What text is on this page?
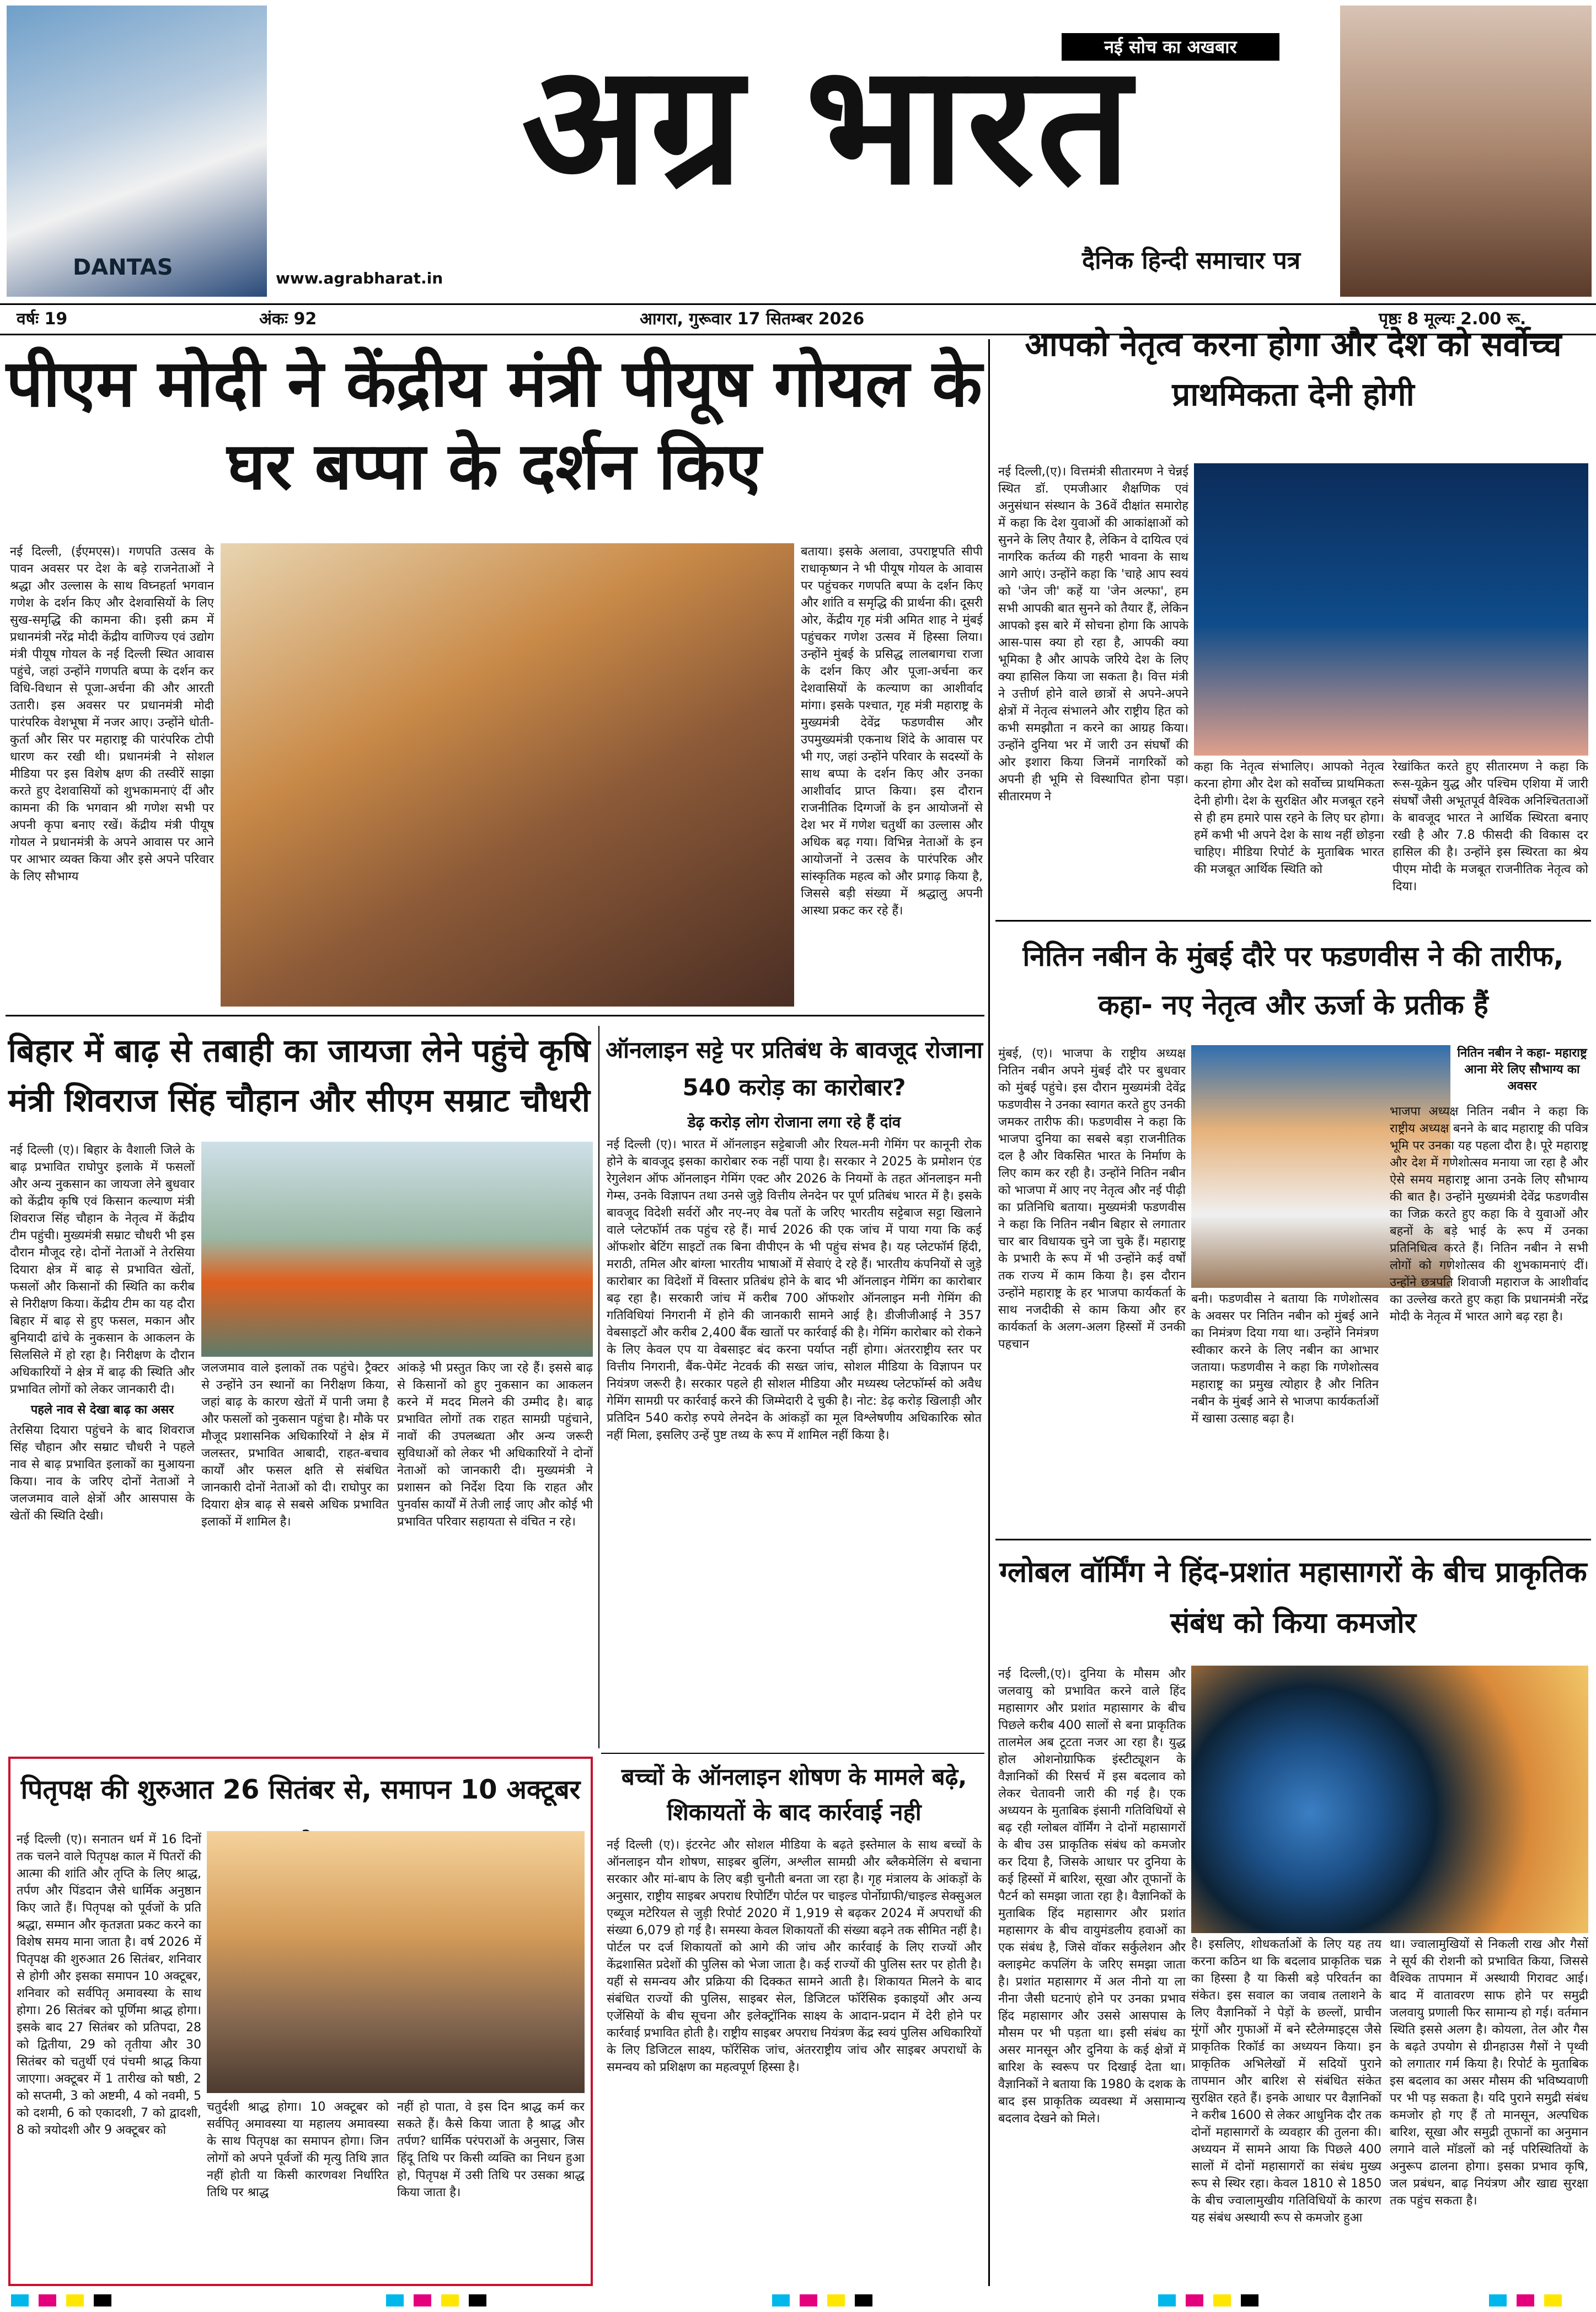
DANTAS
नई सोच का अखबार
अग्र भारत
www.agrabharat.in
दैनिक हिन्दी समाचार पत्र
वर्षः 19	अंकः 92	आगरा, गुरूवार 17 सितम्बर 2026	पृष्ठः 8 मूल्यः 2.00 रू.
पीएम मोदी ने केंद्रीय मंत्री पीयूष गोयल के घर बप्पा के दर्शन किए
नई दिल्ली, (ईएमएस)। गणपति उत्सव के पावन अवसर पर देश के बड़े राजनेताओं ने श्रद्धा और उल्लास के साथ विघ्नहर्ता भगवान गणेश के दर्शन किए और देशवासियों के लिए सुख-समृद्धि की कामना की। इसी क्रम में प्रधानमंत्री नरेंद्र मोदी केंद्रीय वाणिज्य एवं उद्योग मंत्री पीयूष गोयल के नई दिल्ली स्थित आवास पहुंचे, जहां उन्होंने गणपति बप्पा के दर्शन कर विधि-विधान से पूजा-अर्चना की और आरती उतारी। इस अवसर पर प्रधानमंत्री मोदी पारंपरिक वेशभूषा में नजर आए। उन्होंने धोती-कुर्ता और सिर पर महाराष्ट्र की पारंपरिक टोपी धारण कर रखी थी। प्रधानमंत्री ने सोशल मीडिया पर इस विशेष क्षण की तस्वीरें साझा करते हुए देशवासियों को शुभकामनाएं दीं और कामना की कि भगवान श्री गणेश सभी पर अपनी कृपा बनाए रखें। केंद्रीय मंत्री पीयूष गोयल ने प्रधानमंत्री के अपने आवास पर आने पर आभार व्यक्त किया और इसे अपने परिवार के लिए सौभाग्य
बताया। इसके अलावा, उपराष्ट्रपति सीपी राधाकृष्णन ने भी पीयूष गोयल के आवास पर पहुंचकर गणपति बप्पा के दर्शन किए और शांति व समृद्धि की प्रार्थना की। दूसरी ओर, केंद्रीय गृह मंत्री अमित शाह ने मुंबई पहुंचकर गणेश उत्सव में हिस्सा लिया। उन्होंने मुंबई के प्रसिद्ध लालबागचा राजा के दर्शन किए और पूजा-अर्चना कर देशवासियों के कल्याण का आशीर्वाद मांगा। इसके पश्चात, गृह मंत्री महाराष्ट्र के मुख्यमंत्री देवेंद्र फडणवीस और उपमुख्यमंत्री एकनाथ शिंदे के आवास पर भी गए, जहां उन्होंने परिवार के सदस्यों के साथ बप्पा के दर्शन किए और उनका आशीर्वाद प्राप्त किया। इस दौरान राजनीतिक दिग्गजों के इन आयोजनों से देश भर में गणेश चतुर्थी का उल्लास और अधिक बढ़ गया। विभिन्न नेताओं के इन आयोजनों ने उत्सव के पारंपरिक और सांस्कृतिक महत्व को और प्रगाढ़ किया है, जिससे बड़ी संख्या में श्रद्धालु अपनी आस्था प्रकट कर रहे हैं।
बिहार में बाढ़ से तबाही का जायजा लेने पहुंचे कृषि मंत्री शिवराज सिंह चौहान और सीएम सम्राट चौधरी
नई दिल्ली (ए)। बिहार के वैशाली जिले के बाढ़ प्रभावित राघोपुर इलाके में फसलों और अन्य नुकसान का जायजा लेने बुधवार को केंद्रीय कृषि एवं किसान कल्याण मंत्री शिवराज सिंह चौहान के नेतृत्व में केंद्रीय टीम पहुंची। मुख्यमंत्री सम्राट चौधरी भी इस दौरान मौजूद रहे। दोनों नेताओं ने तेरसिया दियारा क्षेत्र में बाढ़ से प्रभावित खेतों, फसलों और किसानों की स्थिति का करीब से निरीक्षण किया। केंद्रीय टीम का यह दौरा बिहार में बाढ़ से हुए फसल, मकान और बुनियादी ढांचे के नुकसान के आकलन के सिलसिले में हो रहा है। निरीक्षण के दौरान अधिकारियों ने क्षेत्र में बाढ़ की स्थिति और प्रभावित लोगों को लेकर जानकारी दी।
पहले नाव से देखा बाढ़ का असर
तेरसिया दियारा पहुंचने के बाद शिवराज सिंह चौहान और सम्राट चौधरी ने पहले नाव से बाढ़ प्रभावित इलाकों का मुआयना किया। नाव के जरिए दोनों नेताओं ने जलजमाव वाले क्षेत्रों और आसपास के खेतों की स्थिति देखी।
जलजमाव वाले इलाकों तक पहुंचे। ट्रैक्टर से उन्होंने उन स्थानों का निरीक्षण किया, जहां बाढ़ के कारण खेतों में पानी जमा है और फसलों को नुकसान पहुंचा है। मौके पर मौजूद प्रशासनिक अधिकारियों ने क्षेत्र में जलस्तर, प्रभावित आबादी, राहत-बचाव कार्यों और फसल क्षति से संबंधित जानकारी दोनों नेताओं को दी। राघोपुर का दियारा क्षेत्र बाढ़ से सबसे अधिक प्रभावित इलाकों में शामिल है।
आंकड़े भी प्रस्तुत किए जा रहे हैं। इससे बाढ़ से किसानों को हुए नुकसान का आकलन करने में मदद मिलने की उम्मीद है। बाढ़ प्रभावित लोगों तक राहत सामग्री पहुंचाने, नावों की उपलब्धता और अन्य जरूरी सुविधाओं को लेकर भी अधिकारियों ने दोनों नेताओं को जानकारी दी। मुख्यमंत्री ने प्रशासन को निर्देश दिया कि राहत और पुनर्वास कार्यों में तेजी लाई जाए और कोई भी प्रभावित परिवार सहायता से वंचित न रहे।
ऑनलाइन सट्टे पर प्रतिबंध के बावजूद रोजाना 540 करोड़ का कारोबार?
डेढ़ करोड़ लोग रोजाना लगा रहे हैं दांव
नई दिल्ली (ए)। भारत में ऑनलाइन सट्टेबाजी और रियल-मनी गेमिंग पर कानूनी रोक होने के बावजूद इसका कारोबार रुक नहीं पाया है। सरकार ने 2025 के प्रमोशन एंड रेगुलेशन ऑफ ऑनलाइन गेमिंग एक्ट और 2026 के नियमों के तहत ऑनलाइन मनी गेम्स, उनके विज्ञापन तथा उनसे जुड़े वित्तीय लेनदेन पर पूर्ण प्रतिबंध भारत में है। इसके बावजूद विदेशी सर्वरों और नए-नए वेब पतों के जरिए भारतीय सट्टेबाज सट्टा खिलाने वाले प्लेटफॉर्म तक पहुंच रहे हैं। मार्च 2026 की एक जांच में पाया गया कि कई ऑफशोर बेटिंग साइटों तक बिना वीपीएन के भी पहुंच संभव है। यह प्लेटफॉर्म हिंदी, मराठी, तमिल और बांग्ला भारतीय भाषाओं में सेवाएं दे रहे हैं। भारतीय कंपनियों से जुड़े कारोबार का विदेशों में विस्तार प्रतिबंध होने के बाद भी ऑनलाइन गेमिंग का कारोबार बढ़ रहा है। सरकारी जांच में करीब 700 ऑफशोर ऑनलाइन मनी गेमिंग की गतिविधियां निगरानी में होने की जानकारी सामने आई है। डीजीजीआई ने 357 वेबसाइटों और करीब 2,400 बैंक खातों पर कार्रवाई की है। गेमिंग कारोबार को रोकने के लिए केवल एप या वेबसाइट बंद करना पर्याप्त नहीं होगा। अंतरराष्ट्रीय स्तर पर वित्तीय निगरानी, बैंक-पेमेंट नेटवर्क की सख्त जांच, सोशल मीडिया के विज्ञापन पर नियंत्रण जरूरी है। सरकार पहले ही सोशल मीडिया और मध्यस्थ प्लेटफॉर्म्स को अवैध गेमिंग सामग्री पर कार्रवाई करने की जिम्मेदारी दे चुकी है। नोट: डेढ़ करोड़ खिलाड़ी और प्रतिदिन 540 करोड़ रुपये लेनदेन के आंकड़ों का मूल विश्लेषणीय अधिकारिक स्रोत नहीं मिला, इसलिए उन्हें पुष्ट तथ्य के रूप में शामिल नहीं किया है।
पितृपक्ष की शुरुआत 26 सितंबर से, समापन 10 अक्टूबर
नई दिल्ली (ए)। सनातन धर्म में 16 दिनों तक चलने वाले पितृपक्ष काल में पितरों की आत्मा की शांति और तृप्ति के लिए श्राद्ध, तर्पण और पिंडदान जैसे धार्मिक अनुष्ठान किए जाते हैं। पितृपक्ष को पूर्वजों के प्रति श्रद्धा, सम्मान और कृतज्ञता प्रकट करने का विशेष समय माना जाता है। वर्ष 2026 में पितृपक्ष की शुरुआत 26 सितंबर, शनिवार से होगी और इसका समापन 10 अक्टूबर, शनिवार को सर्वपितृ अमावस्या के साथ होगा। 26 सितंबर को पूर्णिमा श्राद्ध होगा। इसके बाद 27 सितंबर को प्रतिपदा, 28 को द्वितीया, 29 को तृतीया और 30 सितंबर को चतुर्थी एवं पंचमी श्राद्ध किया जाएगा। अक्टूबर में 1 तारीख को षष्ठी, 2 को सप्तमी, 3 को अष्टमी, 4 को नवमी, 5 को दशमी, 6 को एकादशी, 7 को द्वादशी, 8 को त्रयोदशी और 9 अक्टूबर को
चतुर्दशी श्राद्ध होगा। 10 अक्टूबर को सर्वपितृ अमावस्या या महालय अमावस्या के साथ पितृपक्ष का समापन होगा। जिन लोगों को अपने पूर्वजों की मृत्यु तिथि ज्ञात नहीं होती या किसी कारणवश निर्धारित तिथि पर श्राद्ध
नहीं हो पाता, वे इस दिन श्राद्ध कर्म कर सकते हैं। कैसे किया जाता है श्राद्ध और तर्पण? धार्मिक परंपराओं के अनुसार, जिस हिंदू तिथि पर किसी व्यक्ति का निधन हुआ हो, पितृपक्ष में उसी तिथि पर उसका श्राद्ध किया जाता है।
बच्चों के ऑनलाइन शोषण के मामले बढ़े, शिकायतों के बाद कार्रवाई नही
नई दिल्ली (ए)। इंटरनेट और सोशल मीडिया के बढ़ते इस्तेमाल के साथ बच्चों के ऑनलाइन यौन शोषण, साइबर बुलिंग, अश्लील सामग्री और ब्लैकमेलिंग से बचाना सरकार और मां-बाप के लिए बड़ी चुनौती बनता जा रहा है। गृह मंत्रालय के आंकड़ों के अनुसार, राष्ट्रीय साइबर अपराध रिपोर्टिंग पोर्टल पर चाइल्ड पोर्नोग्राफी/चाइल्ड सेक्सुअल एब्यूज मटेरियल से जुड़ी रिपोर्ट 2020 में 1,919 से बढ़कर 2024 में अपराधों की संख्या 6,079 हो गई है। समस्या केवल शिकायतों की संख्या बढ़ने तक सीमित नहीं है। पोर्टल पर दर्ज शिकायतों को आगे की जांच और कार्रवाई के लिए राज्यों और केंद्रशासित प्रदेशों की पुलिस को भेजा जाता है। कई राज्यों की पुलिस स्तर पर होती है। यहीं से समन्वय और प्रक्रिया की दिक्कत सामने आती है। शिकायत मिलने के बाद संबंधित राज्यों की पुलिस, साइबर सेल, डिजिटल फॉरेंसिक इकाइयों और अन्य एजेंसियों के बीच सूचना और इलेक्ट्रॉनिक साक्ष्य के आदान-प्रदान में देरी होने पर कार्रवाई प्रभावित होती है। राष्ट्रीय साइबर अपराध नियंत्रण केंद्र स्वयं पुलिस अधिकारियों के लिए डिजिटल साक्ष्य, फॉरेंसिक जांच, अंतरराष्ट्रीय जांच और साइबर अपराधों के समन्वय को प्रशिक्षण का महत्वपूर्ण हिस्सा है।
आपको नेतृत्व करना होगा और देश को सर्वोच्च प्राथमिकता देनी होगी
नई दिल्ली,(ए)। वित्तमंत्री सीतारमण ने चेन्नई स्थित डॉ. एमजीआर शैक्षणिक एवं अनुसंधान संस्थान के 36वें दीक्षांत समारोह में कहा कि देश युवाओं की आकांक्षाओं को सुनने के लिए तैयार है, लेकिन वे दायित्व एवं नागरिक कर्तव्य की गहरी भावना के साथ आगे आएं। उन्होंने कहा कि 'चाहे आप स्वयं को 'जेन जी' कहें या 'जेन अल्फा', हम सभी आपकी बात सुनने को तैयार हैं, लेकिन आपको इस बारे में सोचना होगा कि आपके आस-पास क्या हो रहा है, आपकी क्या भूमिका है और आपके जरिये देश के लिए क्या हासिल किया जा सकता है। वित्त मंत्री ने उत्तीर्ण होने वाले छात्रों से अपने-अपने क्षेत्रों में नेतृत्व संभालने और राष्ट्रीय हित को कभी समझौता न करने का आग्रह किया। उन्होंने दुनिया भर में जारी उन संघर्षों की ओर इशारा किया जिनमें नागरिकों को अपनी ही भूमि से विस्थापित होना पड़ा। सीतारमण ने
कहा कि नेतृत्व संभालिए। आपको नेतृत्व करना होगा और देश को सर्वोच्च प्राथमिकता देनी होगी। देश के सुरक्षित और मजबूत रहने से ही हम हमारे पास रहने के लिए घर होगा। हमें कभी भी अपने देश के साथ नहीं छोड़ना चाहिए। मीडिया रिपोर्ट के मुताबिक भारत की मजबूत आर्थिक स्थिति को
रेखांकित करते हुए सीतारमण ने कहा कि रूस-यूक्रेन युद्ध और पश्चिम एशिया में जारी संघर्षों जैसी अभूतपूर्व वैश्विक अनिश्चितताओं के बावजूद भारत ने आर्थिक स्थिरता बनाए रखी है और 7.8 फीसदी की विकास दर हासिल की है। उन्होंने इस स्थिरता का श्रेय पीएम मोदी के मजबूत राजनीतिक नेतृत्व को दिया।
नितिन नबीन के मुंबई दौरे पर फडणवीस ने की तारीफ, कहा- नए नेतृत्व और ऊर्जा के प्रतीक हैं
मुंबई, (ए)। भाजपा के राष्ट्रीय अध्यक्ष नितिन नबीन अपने मुंबई दौरे पर बुधवार को मुंबई पहुंचे। इस दौरान मुख्यमंत्री देवेंद्र फडणवीस ने उनका स्वागत करते हुए उनकी जमकर तारीफ की। फडणवीस ने कहा कि भाजपा दुनिया का सबसे बड़ा राजनीतिक दल है और विकसित भारत के निर्माण के लिए काम कर रही है। उन्होंने नितिन नबीन को भाजपा में आए नए नेतृत्व और नई पीढ़ी का प्रतिनिधि बताया। मुख्यमंत्री फडणवीस ने कहा कि नितिन नबीन बिहार से लगातार चार बार विधायक चुने जा चुके हैं। महाराष्ट्र के प्रभारी के रूप में भी उन्होंने कई वर्षों तक राज्य में काम किया है। इस दौरान उन्होंने महाराष्ट्र के हर भाजपा कार्यकर्ता के साथ नजदीकी से काम किया और हर कार्यकर्ता के अलग-अलग हिस्सों में उनकी पहचान
नितिन नबीन ने कहा- महाराष्ट्र आना मेरे लिए सौभाग्य का अवसर
बनी। फडणवीस ने बताया कि गणेशोत्सव के अवसर पर नितिन नबीन को मुंबई आने का निमंत्रण दिया गया था। उन्होंने निमंत्रण स्वीकार करने के लिए नबीन का आभार जताया। फडणवीस ने कहा कि गणेशोत्सव महाराष्ट्र का प्रमुख त्योहार है और नितिन नबीन के मुंबई आने से भाजपा कार्यकर्ताओं में खासा उत्साह बढ़ा है।
भाजपा अध्यक्ष नितिन नबीन ने कहा कि राष्ट्रीय अध्यक्ष बनने के बाद महाराष्ट्र की पवित्र भूमि पर उनका यह पहला दौरा है। पूरे महाराष्ट्र और देश में गणेशोत्सव मनाया जा रहा है और ऐसे समय महाराष्ट्र आना उनके लिए सौभाग्य की बात है। उन्होंने मुख्यमंत्री देवेंद्र फडणवीस का जिक्र करते हुए कहा कि वे युवाओं और बहनों के बड़े भाई के रूप में उनका प्रतिनिधित्व करते हैं। नितिन नबीन ने सभी लोगों को गणेशोत्सव की शुभकामनाएं दीं। उन्होंने छत्रपति शिवाजी महाराज के आशीर्वाद का उल्लेख करते हुए कहा कि प्रधानमंत्री नरेंद्र मोदी के नेतृत्व में भारत आगे बढ़ रहा है।
ग्लोबल वॉर्मिंग ने हिंद-प्रशांत महासागरों के बीच प्राकृतिक संबंध को किया कमजोर
नई दिल्ली,(ए)। दुनिया के मौसम और जलवायु को प्रभावित करने वाले हिंद महासागर और प्रशांत महासागर के बीच पिछले करीब 400 सालों से बना प्राकृतिक तालमेल अब टूटता नजर आ रहा है। युद्ध होल ओशनोग्राफिक इंस्टीट्यूशन के वैज्ञानिकों की रिसर्च में इस बदलाव को लेकर चेतावनी जारी की गई है। एक अध्ययन के मुताबिक इंसानी गतिविधियों से बढ़ रही ग्लोबल वॉर्मिंग ने दोनों महासागरों के बीच उस प्राकृतिक संबंध को कमजोर कर दिया है, जिसके आधार पर दुनिया के कई हिस्सों में बारिश, सूखा और तूफानों के पैटर्न को समझा जाता रहा है। वैज्ञानिकों के मुताबिक हिंद महासागर और प्रशांत महासागर के बीच वायुमंडलीय हवाओं का एक संबंध है, जिसे वॉकर सर्कुलेशन और क्लाइमेट कपलिंग के जरिए समझा जाता है। प्रशांत महासागर में अल नीनो या ला नीना जैसी घटनाएं होने पर उनका प्रभाव हिंद महासागर और उससे आसपास के मौसम पर भी पड़ता था। इसी संबंध का असर मानसून और दुनिया के कई क्षेत्रों में बारिश के स्वरूप पर दिखाई देता था। वैज्ञानिकों ने बताया कि 1980 के दशक के बाद इस प्राकृतिक व्यवस्था में असामान्य बदलाव देखने को मिले।
है। इसलिए, शोधकर्ताओं के लिए यह तय करना कठिन था कि बदलाव प्राकृतिक चक्र का हिस्सा है या किसी बड़े परिवर्तन का संकेत। इस सवाल का जवाब तलाशने के लिए वैज्ञानिकों ने पेड़ों के छल्लों, प्राचीन मूंगों और गुफाओं में बने स्टैलेग्माइट्स जैसे प्राकृतिक रिकॉर्ड का अध्ययन किया। इन प्राकृतिक अभिलेखों में सदियों पुराने तापमान और बारिश से संबंधित संकेत सुरक्षित रहते हैं। इनके आधार पर वैज्ञानिकों ने करीब 1600 से लेकर आधुनिक दौर तक दोनों महासागरों के व्यवहार की तुलना की। अध्ययन में सामने आया कि पिछले 400 सालों में दोनों महासागरों का संबंध मुख्य रूप से स्थिर रहा। केवल 1810 से 1850 के बीच ज्वालामुखीय गतिविधियों के कारण यह संबंध अस्थायी रूप से कमजोर हुआ
था। ज्वालामुखियों से निकली राख और गैसों ने सूर्य की रोशनी को प्रभावित किया, जिससे वैश्विक तापमान में अस्थायी गिरावट आई। बाद में वातावरण साफ होने पर समुद्री जलवायु प्रणाली फिर सामान्य हो गई। वर्तमान स्थिति इससे अलग है। कोयला, तेल और गैस के बढ़ते उपयोग से ग्रीनहाउस गैसों ने पृथ्वी को लगातार गर्म किया है। रिपोर्ट के मुताबिक इस बदलाव का असर मौसम की भविष्यवाणी पर भी पड़ सकता है। यदि पुराने समुद्री संबंध कमजोर हो गए हैं तो मानसून, अल्पधिक बारिश, सूखा और समुद्री तूफानों का अनुमान लगाने वाले मॉडलों को नई परिस्थितियों के अनुरूप ढालना होगा। इसका प्रभाव कृषि, जल प्रबंधन, बाढ़ नियंत्रण और खाद्य सुरक्षा तक पहुंच सकता है।
